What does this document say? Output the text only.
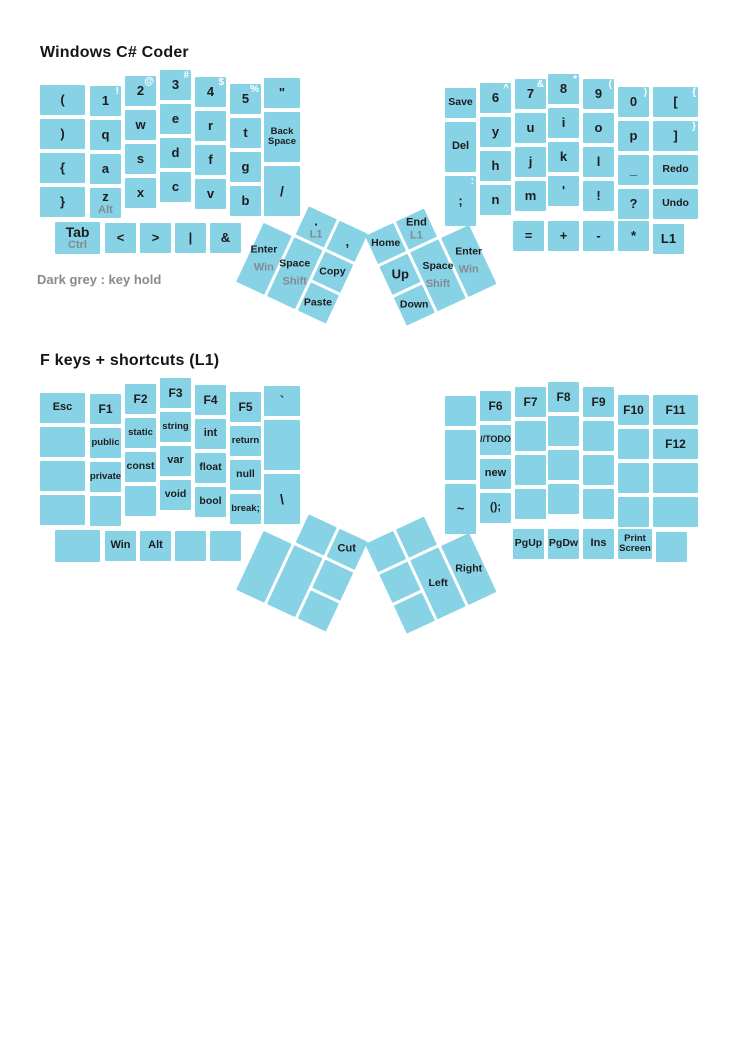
Windows C# Coder
Dark grey : key hold
F keys + shortcuts (L1)
(
)
{
}
1
!
q
a
z
Alt
2
@
w
s
x
3
#
e
d
c
4
$
r
f
v
5
%
t
g
b
"
Back Space
/
Tab
Ctrl
< > | &
Save
Del
;
:
6
^
y
h
n
7
&
u
j
m
8
*
i
k
'
9
(
o
l
!
0
)
p
_
?
[
{
]
}
Redo
Undo
= + - * L1
.
L1 ,
Enter
Win Space
Shift
Copy
Paste
Home
End
L1
Up
Space
Shift
Enter
Win
Down
Esc F1
public
private
F2
static
const
F3
string
var
void
F4
int
float
bool
F5
return
null
break;
`
\
Win Alt
~
F6
//TODO
new
();
F7 F8 F9
F10 F11
F12
PgUp PgDw Ins	Print Screen
Cut
Left
Right
